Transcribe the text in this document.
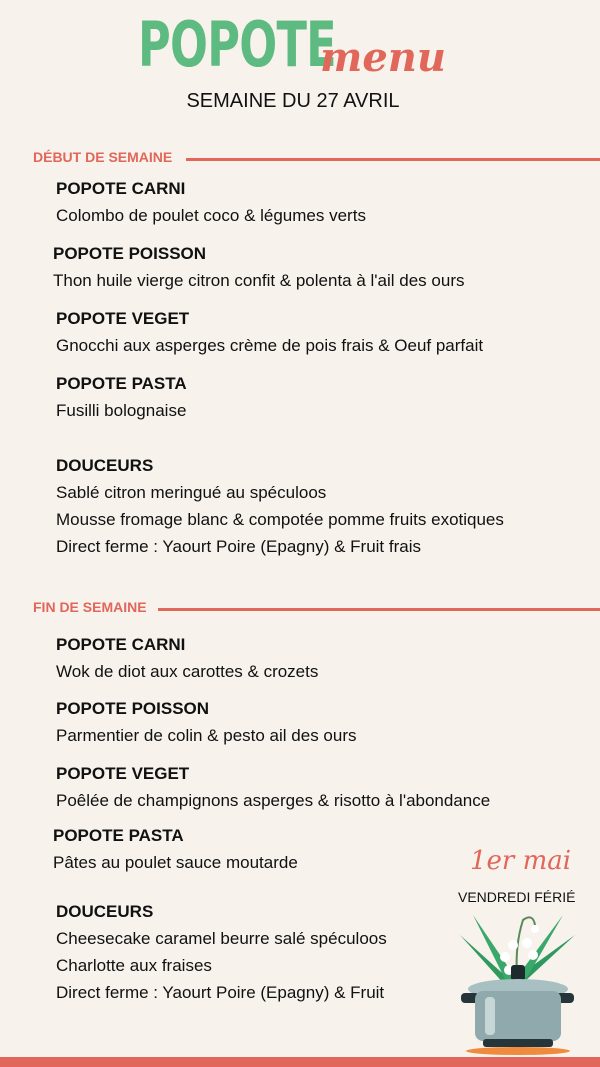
POPOTE
menu
SEMAINE DU 27 AVRIL
DÉBUT DE SEMAINE
POPOTE CARNI
Colombo de poulet coco & légumes verts
POPOTE POISSON
Thon huile vierge citron confit & polenta à l'ail des ours
POPOTE VEGET
Gnocchi aux asperges crème de pois frais & Oeuf parfait
POPOTE PASTA
Fusilli bolognaise
DOUCEURS
Sablé citron meringué au spéculoos
Mousse fromage blanc & compotée pomme fruits exotiques
Direct ferme : Yaourt Poire (Epagny) & Fruit frais
FIN DE SEMAINE
POPOTE CARNI
Wok de diot aux carottes & crozets
POPOTE POISSON
Parmentier de colin & pesto ail des ours
POPOTE VEGET
Poêlée de champignons asperges & risotto à l'abondance
POPOTE PASTA
Pâtes au poulet sauce moutarde
DOUCEURS
Cheesecake caramel beurre salé spéculoos
Charlotte aux fraises
Direct ferme : Yaourt Poire (Epagny) & Fruit
1er mai
VENDREDI FÉRIÉ
